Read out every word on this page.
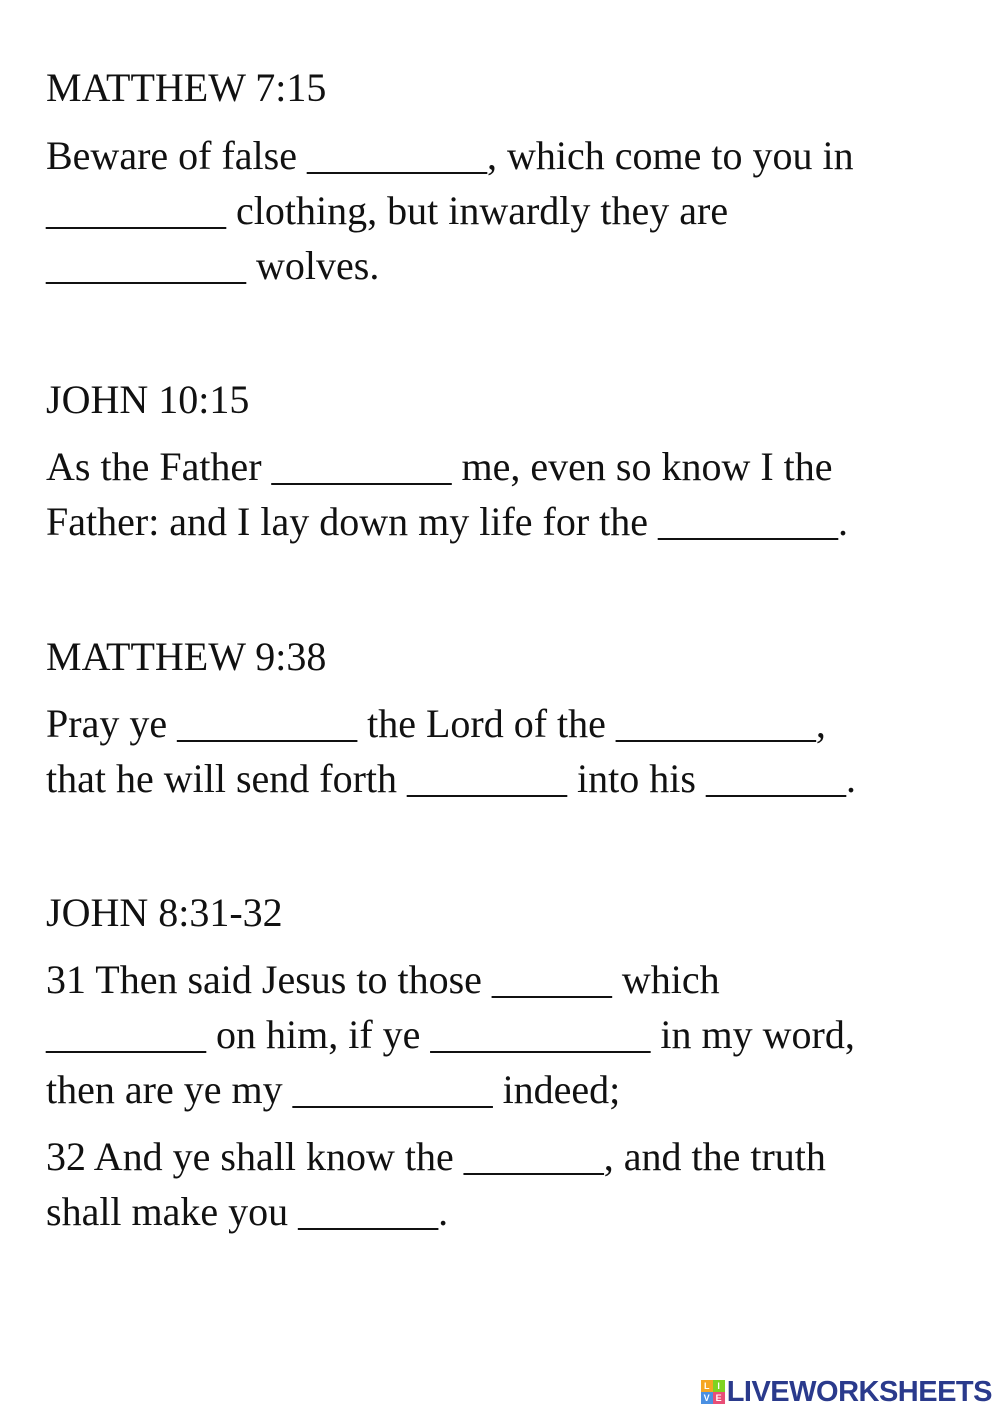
MATTHEW 7:15
Beware of false _________, which come to you in
_________ clothing, but inwardly they are
__________ wolves.
JOHN 10:15
As the Father _________ me, even so know I the
Father: and I lay down my life for the _________.
MATTHEW 9:38
Pray ye _________ the Lord of the __________,
that he will send forth ________ into his _______.
JOHN 8:31-32
31 Then said Jesus to those ______ which
________ on him, if ye ___________ in my word,
then are ye my __________ indeed;
32 And ye shall know the _______, and the truth
shall make you _______.
L I
V E LIVEWORKSHEETS
